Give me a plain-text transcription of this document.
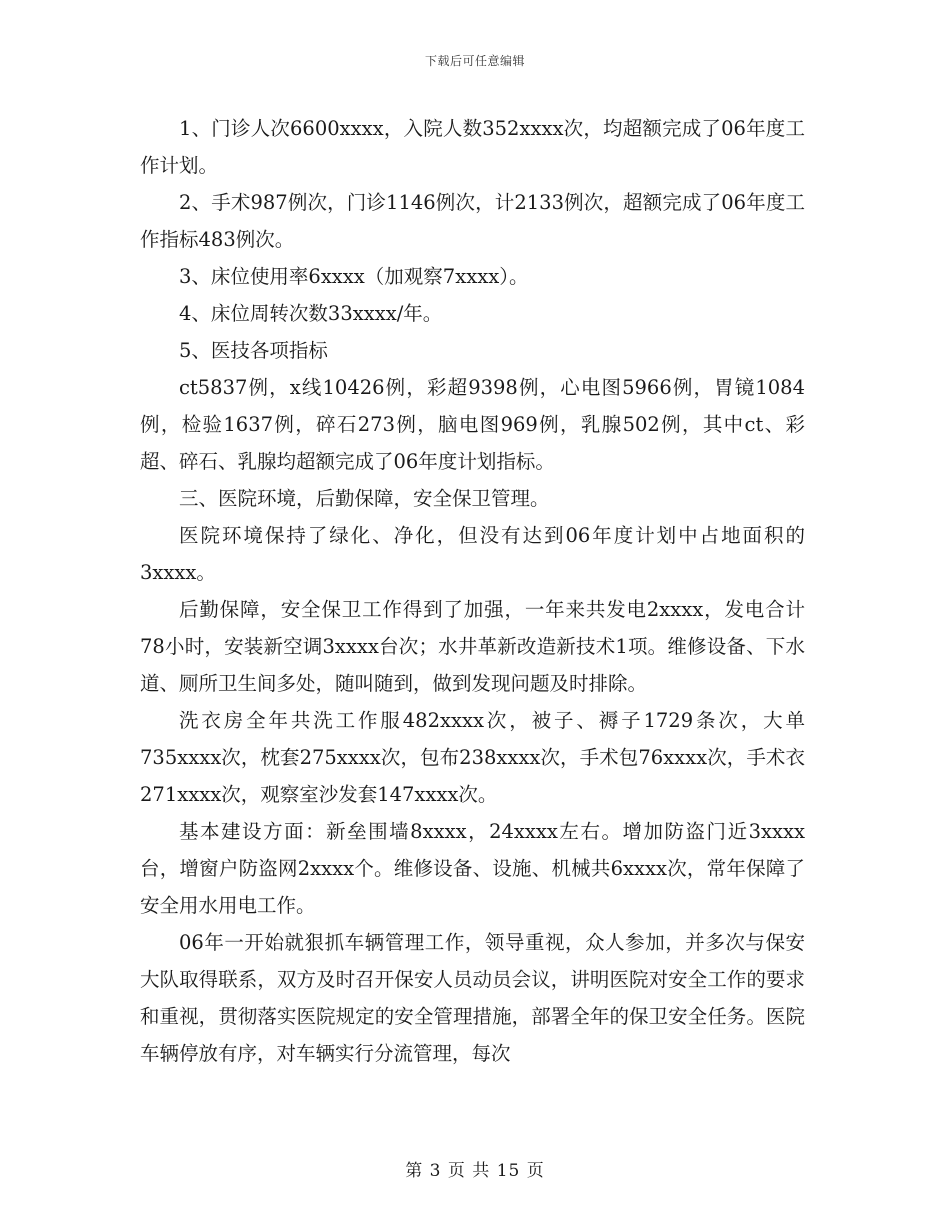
下载后可任意编辑

1、门诊人次6600xxxx，入院人数352xxxx次，均超额完成了06年度工作计划。

2、手术987例次，门诊1146例次，计2133例次，超额完成了06年度工作指标483例次。

3、床位使用率6xxxx（加观察7xxxx）。

4、床位周转次数33xxxx/年。

5、医技各项指标

ct5837例，x线10426例，彩超9398例，心电图5966例，胃镜1084例，检验1637例，碎石273例，脑电图969例，乳腺502例，其中ct、彩超、碎石、乳腺均超额完成了06年度计划指标。

三、医院环境，后勤保障，安全保卫管理。

医院环境保持了绿化、净化，但没有达到06年度计划中占地面积的3xxxx。

后勤保障，安全保卫工作得到了加强，一年来共发电2xxxx，发电合计78小时，安装新空调3xxxx台次；水井革新改造新技术1项。维修设备、下水道、厕所卫生间多处，随叫随到，做到发现问题及时排除。

洗衣房全年共洗工作服482xxxx次，被子、褥子1729条次，大单735xxxx次，枕套275xxxx次，包布238xxxx次，手术包76xxxx次，手术衣271xxxx次，观察室沙发套147xxxx次。

基本建设方面：新垒围墙8xxxx，24xxxx左右。增加防盗门近3xxxx台，增窗户防盗网2xxxx个。维修设备、设施、机械共6xxxx次，常年保障了安全用水用电工作。

06年一开始就狠抓车辆管理工作，领导重视，众人参加，并多次与保安大队取得联系，双方及时召开保安人员动员会议，讲明医院对安全工作的要求和重视，贯彻落实医院规定的安全管理措施，部署全年的保卫安全任务。医院车辆停放有序，对车辆实行分流管理，每次

第 3 页 共 15 页
